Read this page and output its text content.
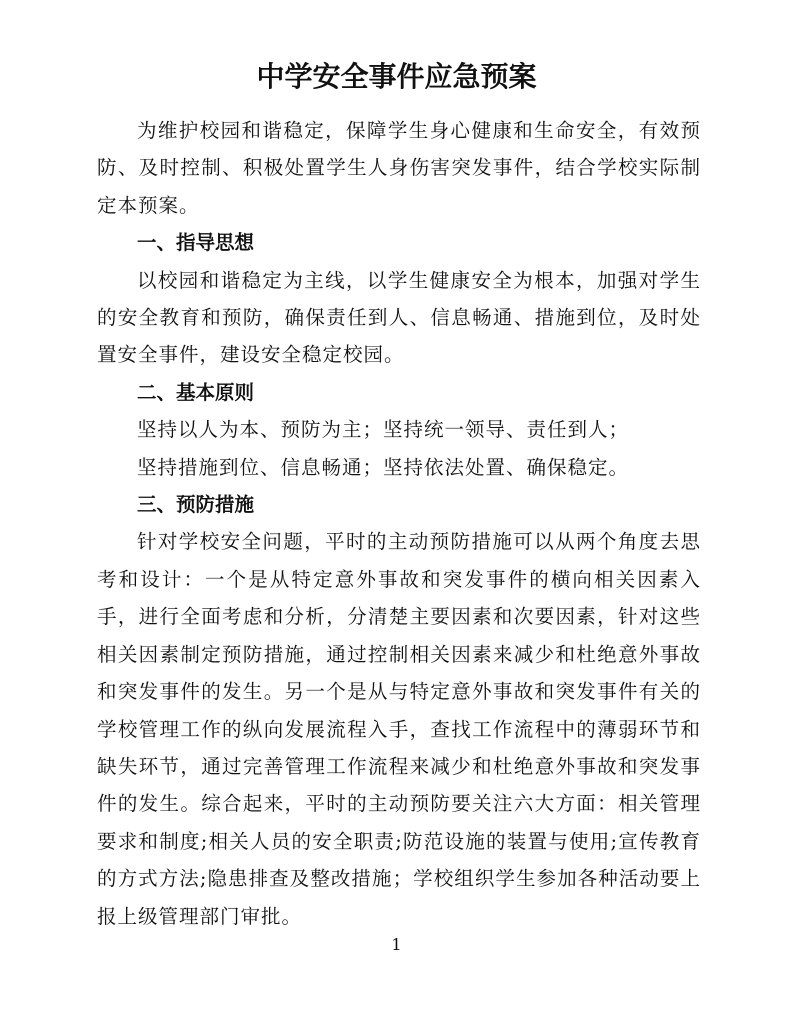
中学安全事件应急预案

为维护校园和谐稳定，保障学生身心健康和生命安全，有效预防、及时控制、积极处置学生人身伤害突发事件，结合学校实际制定本预案。

一、指导思想

以校园和谐稳定为主线，以学生健康安全为根本，加强对学生的安全教育和预防，确保责任到人、信息畅通、措施到位，及时处置安全事件，建设安全稳定校园。

二、基本原则

坚持以人为本、预防为主；坚持统一领导、责任到人；

坚持措施到位、信息畅通；坚持依法处置、确保稳定。

三、预防措施

针对学校安全问题，平时的主动预防措施可以从两个角度去思考和设计：一个是从特定意外事故和突发事件的横向相关因素入手，进行全面考虑和分析，分清楚主要因素和次要因素，针对这些相关因素制定预防措施，通过控制相关因素来减少和杜绝意外事故和突发事件的发生。另一个是从与特定意外事故和突发事件有关的学校管理工作的纵向发展流程入手，查找工作流程中的薄弱环节和缺失环节，通过完善管理工作流程来减少和杜绝意外事故和突发事件的发生。综合起来，平时的主动预防要关注六大方面：相关管理要求和制度;相关人员的安全职责;防范设施的装置与使用;宣传教育的方式方法;隐患排查及整改措施；学校组织学生参加各种活动要上报上级管理部门审批。

1
